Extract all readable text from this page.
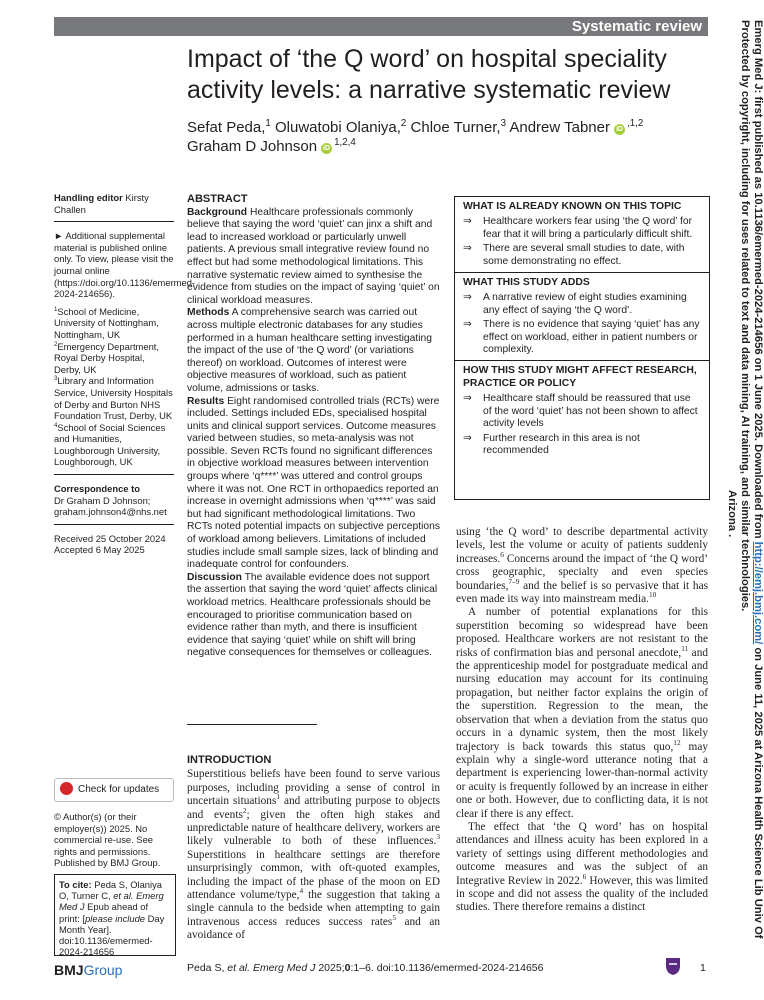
Systematic review
Impact of ‘the Q word’ on hospital speciality activity levels: a narrative systematic review
Sefat Peda,$^1$ Oluwatobi Olaniya,$^2$ Chloe Turner,$^3$ Andrew Tabner $iD^{,1,2}$
Graham D Johnson iD$^{1,2,4}$

Handling editor Kirsty Challen

► Additional supplemental material is published online only. To view, please visit the journal online (https://doi.org/10.1136/emermed-2024-214656).

$^1$School of Medicine, University of Nottingham, Nottingham, UK
$^2$Emergency Department, Royal Derby Hospital, Derby, UK
$^3$Library and Information Service, University Hospitals of Derby and Burton NHS Foundation Trust, Derby, UK
$^4$School of Social Sciences and Humanities, Loughborough University, Loughborough, UK

Correspondence to
Dr Graham D Johnson; graham.johnson4@nhs.net

Received 25 October 2024
Accepted 6 May 2025

Check for updates
© Author(s) (or their employer(s)) 2025. No commercial re-use. See rights and permissions. Published by BMJ Group.
To cite: Peda S, Olaniya O, Turner C, et al. Emerg Med J Epub ahead of print: [please include Day Month Year]. doi:10.1136/emermed-2024-214656
ABSTRACT

Background Healthcare professionals commonly believe that saying the word ‘quiet’ can jinx a shift and lead to increased workload or particularly unwell patients. A previous small integrative review found no effect but had some methodological limitations. This narrative systematic review aimed to synthesise the evidence from studies on the impact of saying ‘quiet’ on clinical workload measures.

Methods A comprehensive search was carried out across multiple electronic databases for any studies performed in a human healthcare setting investigating the impact of the use of ‘the Q word’ (or variations thereof) on workload. Outcomes of interest were objective measures of workload, such as patient volume, admissions or tasks.

Results Eight randomised controlled trials (RCTs) were included. Settings included EDs, specialised hospital units and clinical support services. Outcome measures varied between studies, so meta-analysis was not possible. Seven RCTs found no significant differences in objective workload measures between intervention groups where ‘q****’ was uttered and control groups where it was not. One RCT in orthopaedics reported an increase in overnight admissions when ‘q****’ was said but had significant methodological limitations. Two RCTs noted potential impacts on subjective perceptions of workload among believers. Limitations of included studies include small sample sizes, lack of blinding and inadequate control for confounders.

Discussion The available evidence does not support the assertion that saying the word ‘quiet’ affects clinical workload metrics. Healthcare professionals should be encouraged to prioritise communication based on evidence rather than myth, and there is insufficient evidence that saying ‘quiet’ while on shift will bring negative consequences for themselves or colleagues.

WHAT IS ALREADY KNOWN ON THIS TOPIC
⇒ Healthcare workers fear using ‘the Q word’ for fear that it will bring a particularly difficult shift.
⇒ There are several small studies to date, with some demonstrating no effect.
WHAT THIS STUDY ADDS
⇒ A narrative review of eight studies examining any effect of saying ‘the Q word’.
⇒ There is no evidence that saying ‘quiet’ has any effect on workload, either in patient numbers or complexity.
HOW THIS STUDY MIGHT AFFECT RESEARCH, PRACTICE OR POLICY
⇒ Healthcare staff should be reassured that use of the word ‘quiet’ has not been shown to affect activity levels
⇒ Further research in this area is not recommended
INTRODUCTION

Superstitious beliefs have been found to serve various purposes, including providing a sense of control in uncertain situations$^1$ and attributing purpose to objects and events$^2$; given the often high stakes and unpredictable nature of healthcare delivery, workers are likely vulnerable to both of these influences.$^3$ Superstitions in healthcare settings are therefore unsurprisingly common, with oft-quoted examples, including the impact of the phase of the moon on ED attendance volume/type,$^4$ the suggestion that taking a single cannula to the bedside when attempting to gain intravenous access reduces success rates$^5$ and an avoidance of

using ‘the Q word’ to describe departmental activity levels, lest the volume or acuity of patients suddenly increases.$^6$ Concerns around the impact of ‘the Q word’ cross geographic, specialty and even species boundaries,$^{7-9}$ and the belief is so pervasive that it has even made its way into mainstream media.$^{10}$

A number of potential explanations for this superstition becoming so widespread have been proposed. Healthcare workers are not resistant to the risks of confirmation bias and personal anecdote,$^{11}$ and the apprenticeship model for postgraduate medical and nursing education may account for its continuing propagation, but neither factor explains the origin of the superstition. Regression to the mean, the observation that when a deviation from the status quo occurs in a dynamic system, then the most likely trajectory is back towards this status quo,$^{12}$ may explain why a single-word utterance noting that a department is experiencing lower-than-normal activity or acuity is frequently followed by an increase in either one or both. However, due to conflicting data, it is not clear if there is any effect.

The effect that ‘the Q word’ has on hospital attendances and illness acuity has been explored in a variety of settings using different methodologies and outcome measures and was the subject of an Integrative Review in 2022.$^6$ However, this was limited in scope and did not assess the quality of the included studies. There therefore remains a distinct

BMJGroup	Peda S, et al. Emerg Med J 2025;0:1–6. doi:10.1136/emermed-2024-214656	1
Emerg Med J: first published as 10.1136/emermed-2024-214656 on 1 June 2025. Downloaded from http://emj.bmj.com/ on June 11, 2025 at Arizona Health Science Lib Univ Of
Protected by copyright, including for uses related to text and data mining, AI training, and similar technologies.
Arizona .
